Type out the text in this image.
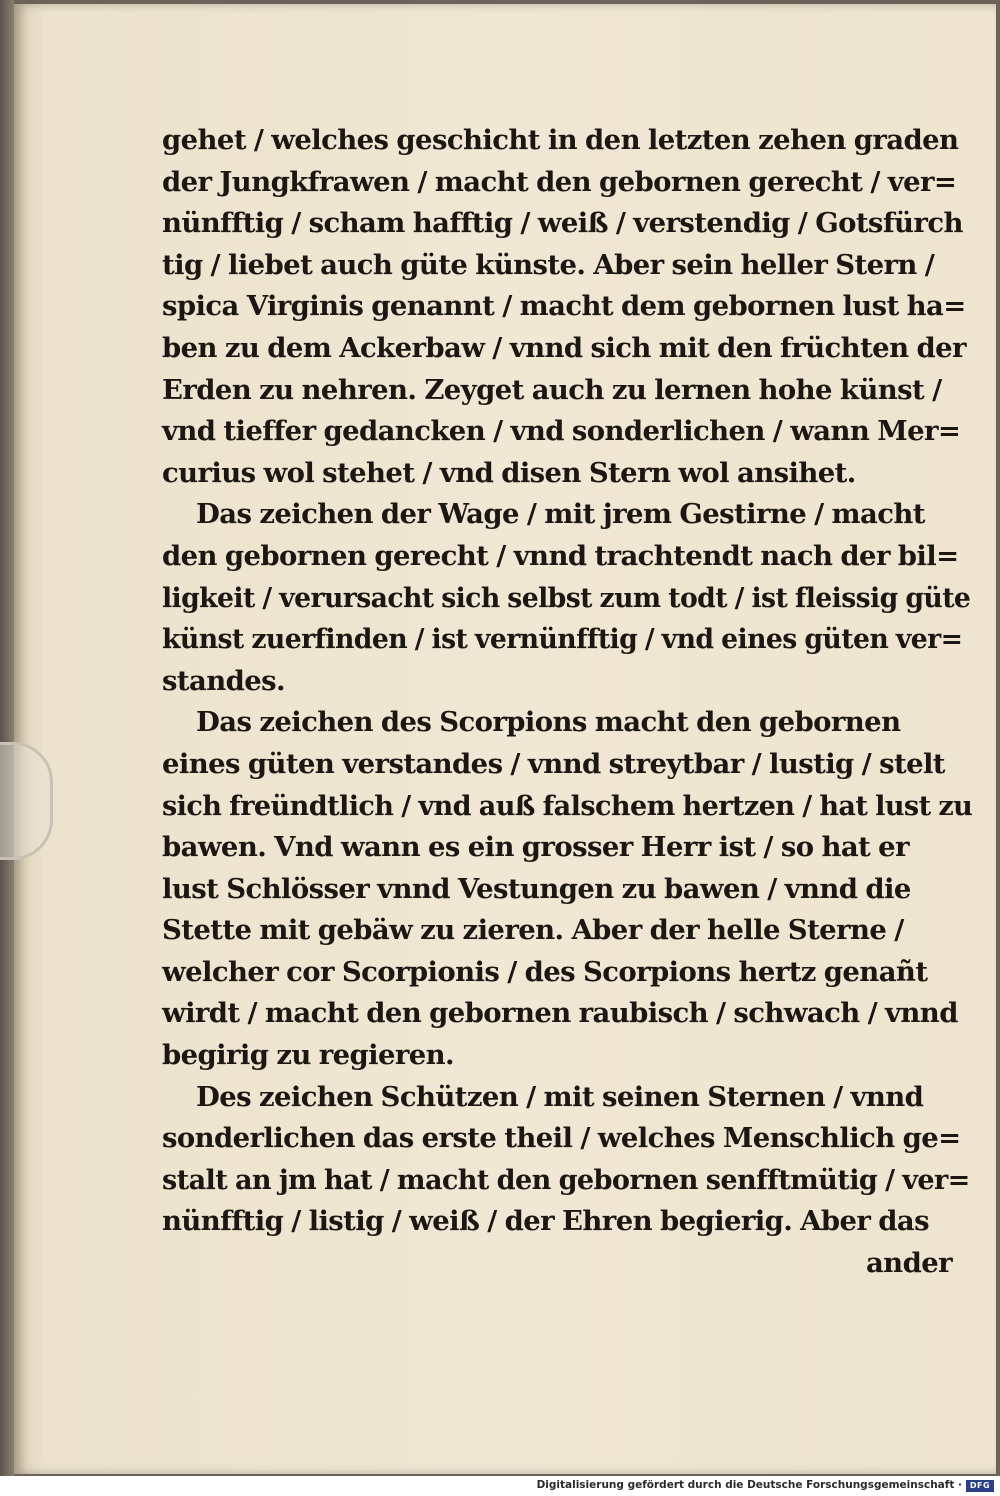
gehet / welches geschicht in den letzten zehen graden
der Jungkfrawen / macht den gebornen gerecht / ver=
nünfftig / scham hafftig / weiß / verstendig / Gotsfürch
tig / liebet auch güte künste. Aber sein heller Stern /
spica Virginis genannt / macht dem gebornen lust ha=
ben zu dem Ackerbaw / vnnd sich mit den früchten der
Erden zu nehren. Zeyget auch zu lernen hohe künst /
vnd tieffer gedancken / vnd sonderlichen / wann Mer=
curius wol stehet / vnd disen Stern wol ansihet.
Das zeichen der Wage / mit jrem Gestirne / macht
den gebornen gerecht / vnnd trachtendt nach der bil=
ligkeit / verursacht sich selbst zum todt / ist fleissig güte
künst zuerfinden / ist vernünfftig / vnd eines güten ver=
standes.
Das zeichen des Scorpions macht den gebornen
eines güten verstandes / vnnd streytbar / lustig / stelt
sich freündtlich / vnd auß falschem hertzen / hat lust zu
bawen. Vnd wann es ein grosser Herr ist / so hat er
lust Schlösser vnnd Vestungen zu bawen / vnnd die
Stette mit gebäw zu zieren. Aber der helle Sterne /
welcher cor Scorpionis / des Scorpions hertz genañt
wirdt / macht den gebornen raubisch / schwach / vnnd
begirig zu regieren.
Des zeichen Schützen / mit seinen Sternen / vnnd
sonderlichen das erste theil / welches Menschlich ge=
stalt an jm hat / macht den gebornen senfftmütig / ver=
nünfftig / listig / weiß / der Ehren begierig. Aber das
ander
Digitalisierung gefördert durch die Deutsche Forschungsgemeinschaft · DFG
